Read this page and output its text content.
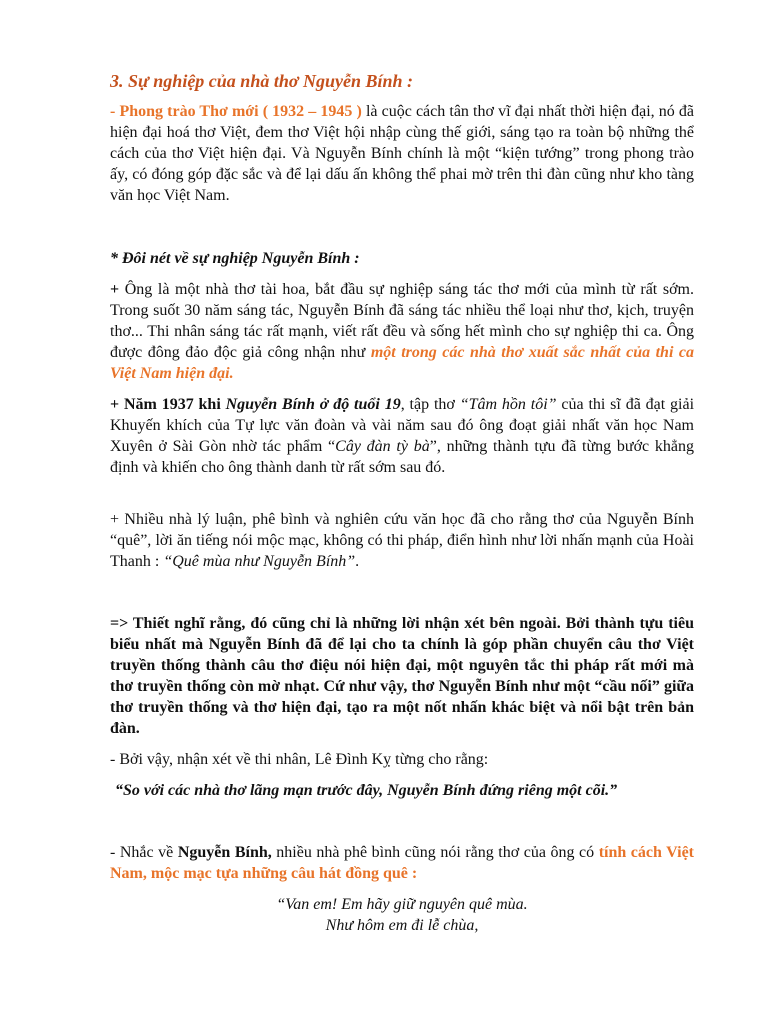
3. Sự nghiệp của nhà thơ Nguyễn Bính :

- Phong trào Thơ mới ( 1932 – 1945 ) là cuộc cách tân thơ vĩ đại nhất thời hiện đại, nó đã hiện đại hoá thơ Việt, đem thơ Việt hội nhập cùng thế giới, sáng tạo ra toàn bộ những thể cách của thơ Việt hiện đại. Và Nguyễn Bính chính là một “kiện tướng” trong phong trào ấy, có đóng góp đặc sắc và để lại dấu ấn không thể phai mờ trên thi đàn cũng như kho tàng văn học Việt Nam.

* Đôi nét về sự nghiệp Nguyễn Bính :

+ Ông là một nhà thơ tài hoa, bắt đầu sự nghiệp sáng tác thơ mới của mình từ rất sớm. Trong suốt 30 năm sáng tác, Nguyễn Bính đã sáng tác nhiều thể loại như thơ, kịch, truyện thơ... Thi nhân sáng tác rất mạnh, viết rất đều và sống hết mình cho sự nghiệp thi ca. Ông được đông đảo độc giả công nhận như một trong các nhà thơ xuất sắc nhất của thi ca Việt Nam hiện đại.

+ Năm 1937 khi Nguyễn Bính ở độ tuổi 19, tập thơ “Tâm hồn tôi” của thi sĩ đã đạt giải Khuyến khích của Tự lực văn đoàn và vài năm sau đó ông đoạt giải nhất văn học Nam Xuyên ở Sài Gòn nhờ tác phẩm “Cây đàn tỳ bà”, những thành tựu đã từng bước khẳng định và khiến cho ông thành danh từ rất sớm sau đó.

+ Nhiều nhà lý luận, phê bình và nghiên cứu văn học đã cho rằng thơ của Nguyễn Bính “quê”, lời ăn tiếng nói mộc mạc, không có thi pháp, điển hình như lời nhấn mạnh của Hoài Thanh : “Quê mùa như Nguyễn Bính”.

=> Thiết nghĩ rằng, đó cũng chỉ là những lời nhận xét bên ngoài. Bởi thành tựu tiêu biểu nhất mà Nguyễn Bính đã để lại cho ta chính là góp phần chuyển câu thơ Việt truyền thống thành câu thơ điệu nói hiện đại, một nguyên tắc thi pháp rất mới mà thơ truyền thống còn mờ nhạt. Cứ như vậy, thơ Nguyễn Bính như một “cầu nối” giữa thơ truyền thống và thơ hiện đại, tạo ra một nốt nhấn khác biệt và nổi bật trên bản đàn.

- Bởi vậy, nhận xét về thi nhân, Lê Đình Kỵ từng cho rằng:

“So với các nhà thơ lãng mạn trước đây, Nguyễn Bính đứng riêng một cõi.”

- Nhắc về Nguyễn Bính, nhiều nhà phê bình cũng nói rằng thơ của ông có tính cách Việt Nam, mộc mạc tựa những câu hát đồng quê :

“Van em! Em hãy giữ nguyên quê mùa.
Như hôm em đi lễ chùa,
